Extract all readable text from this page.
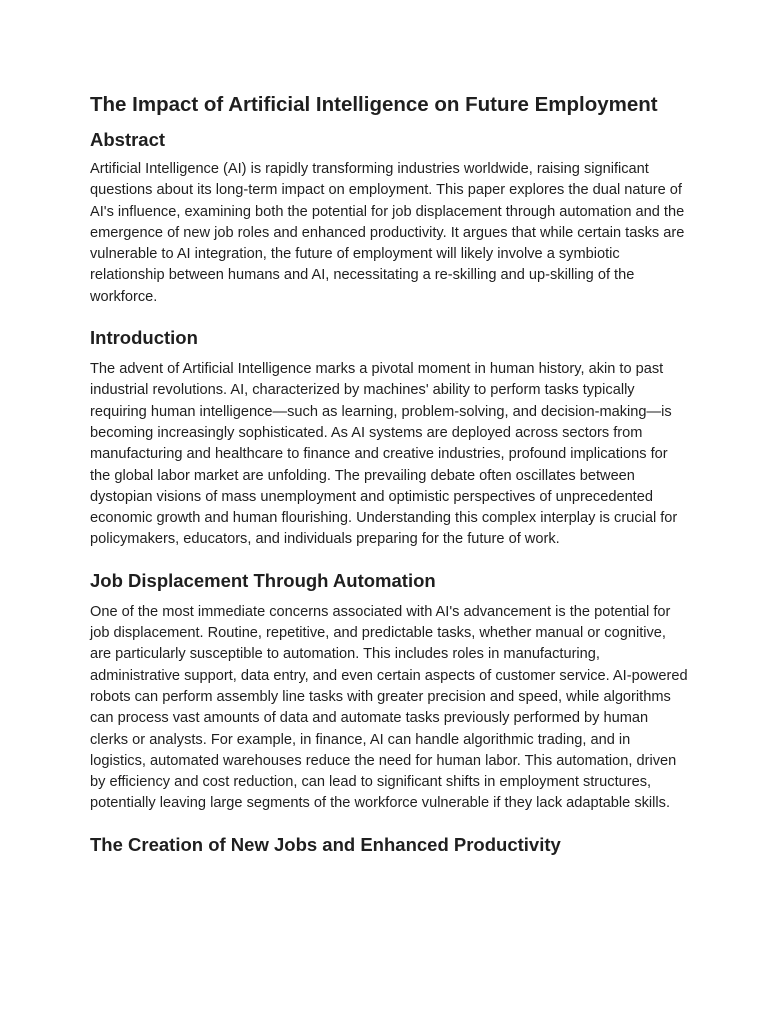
The Impact of Artificial Intelligence on Future Employment
Abstract

Artificial Intelligence (AI) is rapidly transforming industries worldwide, raising significant questions about its long-term impact on employment. This paper explores the dual nature of AI's influence, examining both the potential for job displacement through automation and the emergence of new job roles and enhanced productivity. It argues that while certain tasks are vulnerable to AI integration, the future of employment will likely involve a symbiotic relationship between humans and AI, necessitating a re-skilling and up-skilling of the workforce.

Introduction

The advent of Artificial Intelligence marks a pivotal moment in human history, akin to past industrial revolutions. AI, characterized by machines' ability to perform tasks typically requiring human intelligence—such as learning, problem-solving, and decision-making—is becoming increasingly sophisticated. As AI systems are deployed across sectors from manufacturing and healthcare to finance and creative industries, profound implications for the global labor market are unfolding. The prevailing debate often oscillates between dystopian visions of mass unemployment and optimistic perspectives of unprecedented economic growth and human flourishing. Understanding this complex interplay is crucial for policymakers, educators, and individuals preparing for the future of work.

Job Displacement Through Automation

One of the most immediate concerns associated with AI's advancement is the potential for job displacement. Routine, repetitive, and predictable tasks, whether manual or cognitive, are particularly susceptible to automation. This includes roles in manufacturing, administrative support, data entry, and even certain aspects of customer service. AI-powered robots can perform assembly line tasks with greater precision and speed, while algorithms can process vast amounts of data and automate tasks previously performed by human clerks or analysts. For example, in finance, AI can handle algorithmic trading, and in logistics, automated warehouses reduce the need for human labor. This automation, driven by efficiency and cost reduction, can lead to significant shifts in employment structures, potentially leaving large segments of the workforce vulnerable if they lack adaptable skills.

The Creation of New Jobs and Enhanced Productivity
